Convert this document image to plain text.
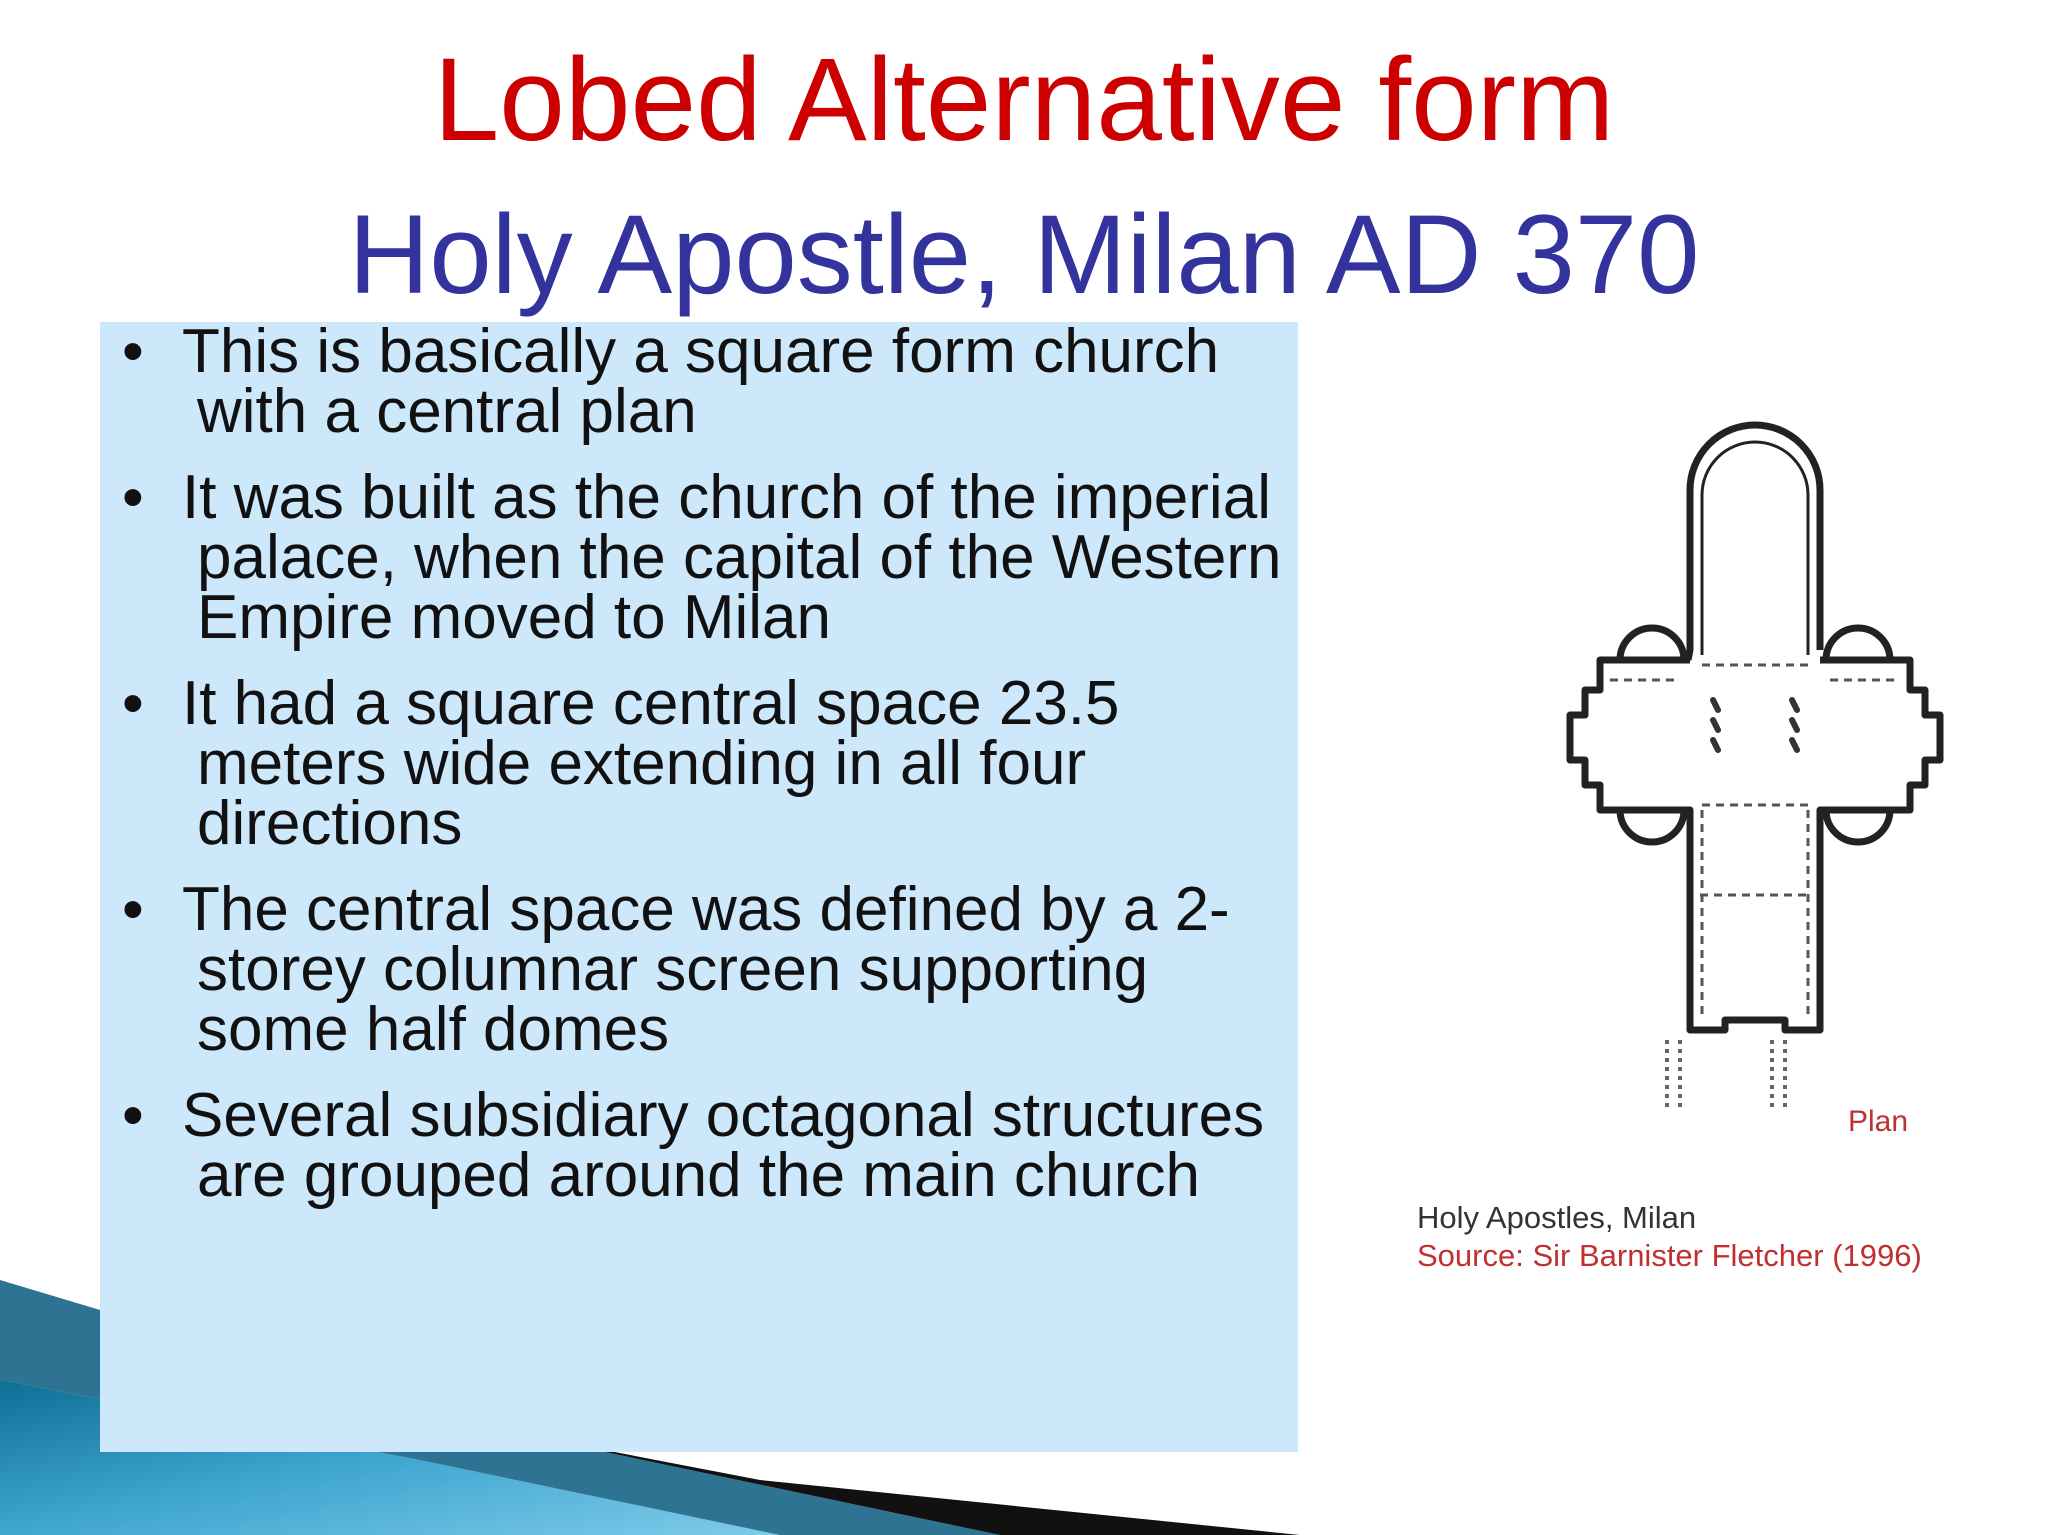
Lobed Alternative form
Holy Apostle, Milan AD 370
• This is basically a square form church with a central plan
• It was built as the church of the imperial palace, when the capital of the Western Empire moved to Milan
• It had a square central space 23.5 meters wide extending in all four directions
• The central space was defined by a 2-storey columnar screen supporting some half domes
• Several subsidiary octagonal structures are grouped around the main church
Plan
Holy Apostles, Milan
Source: Sir Barnister Fletcher (1996)
